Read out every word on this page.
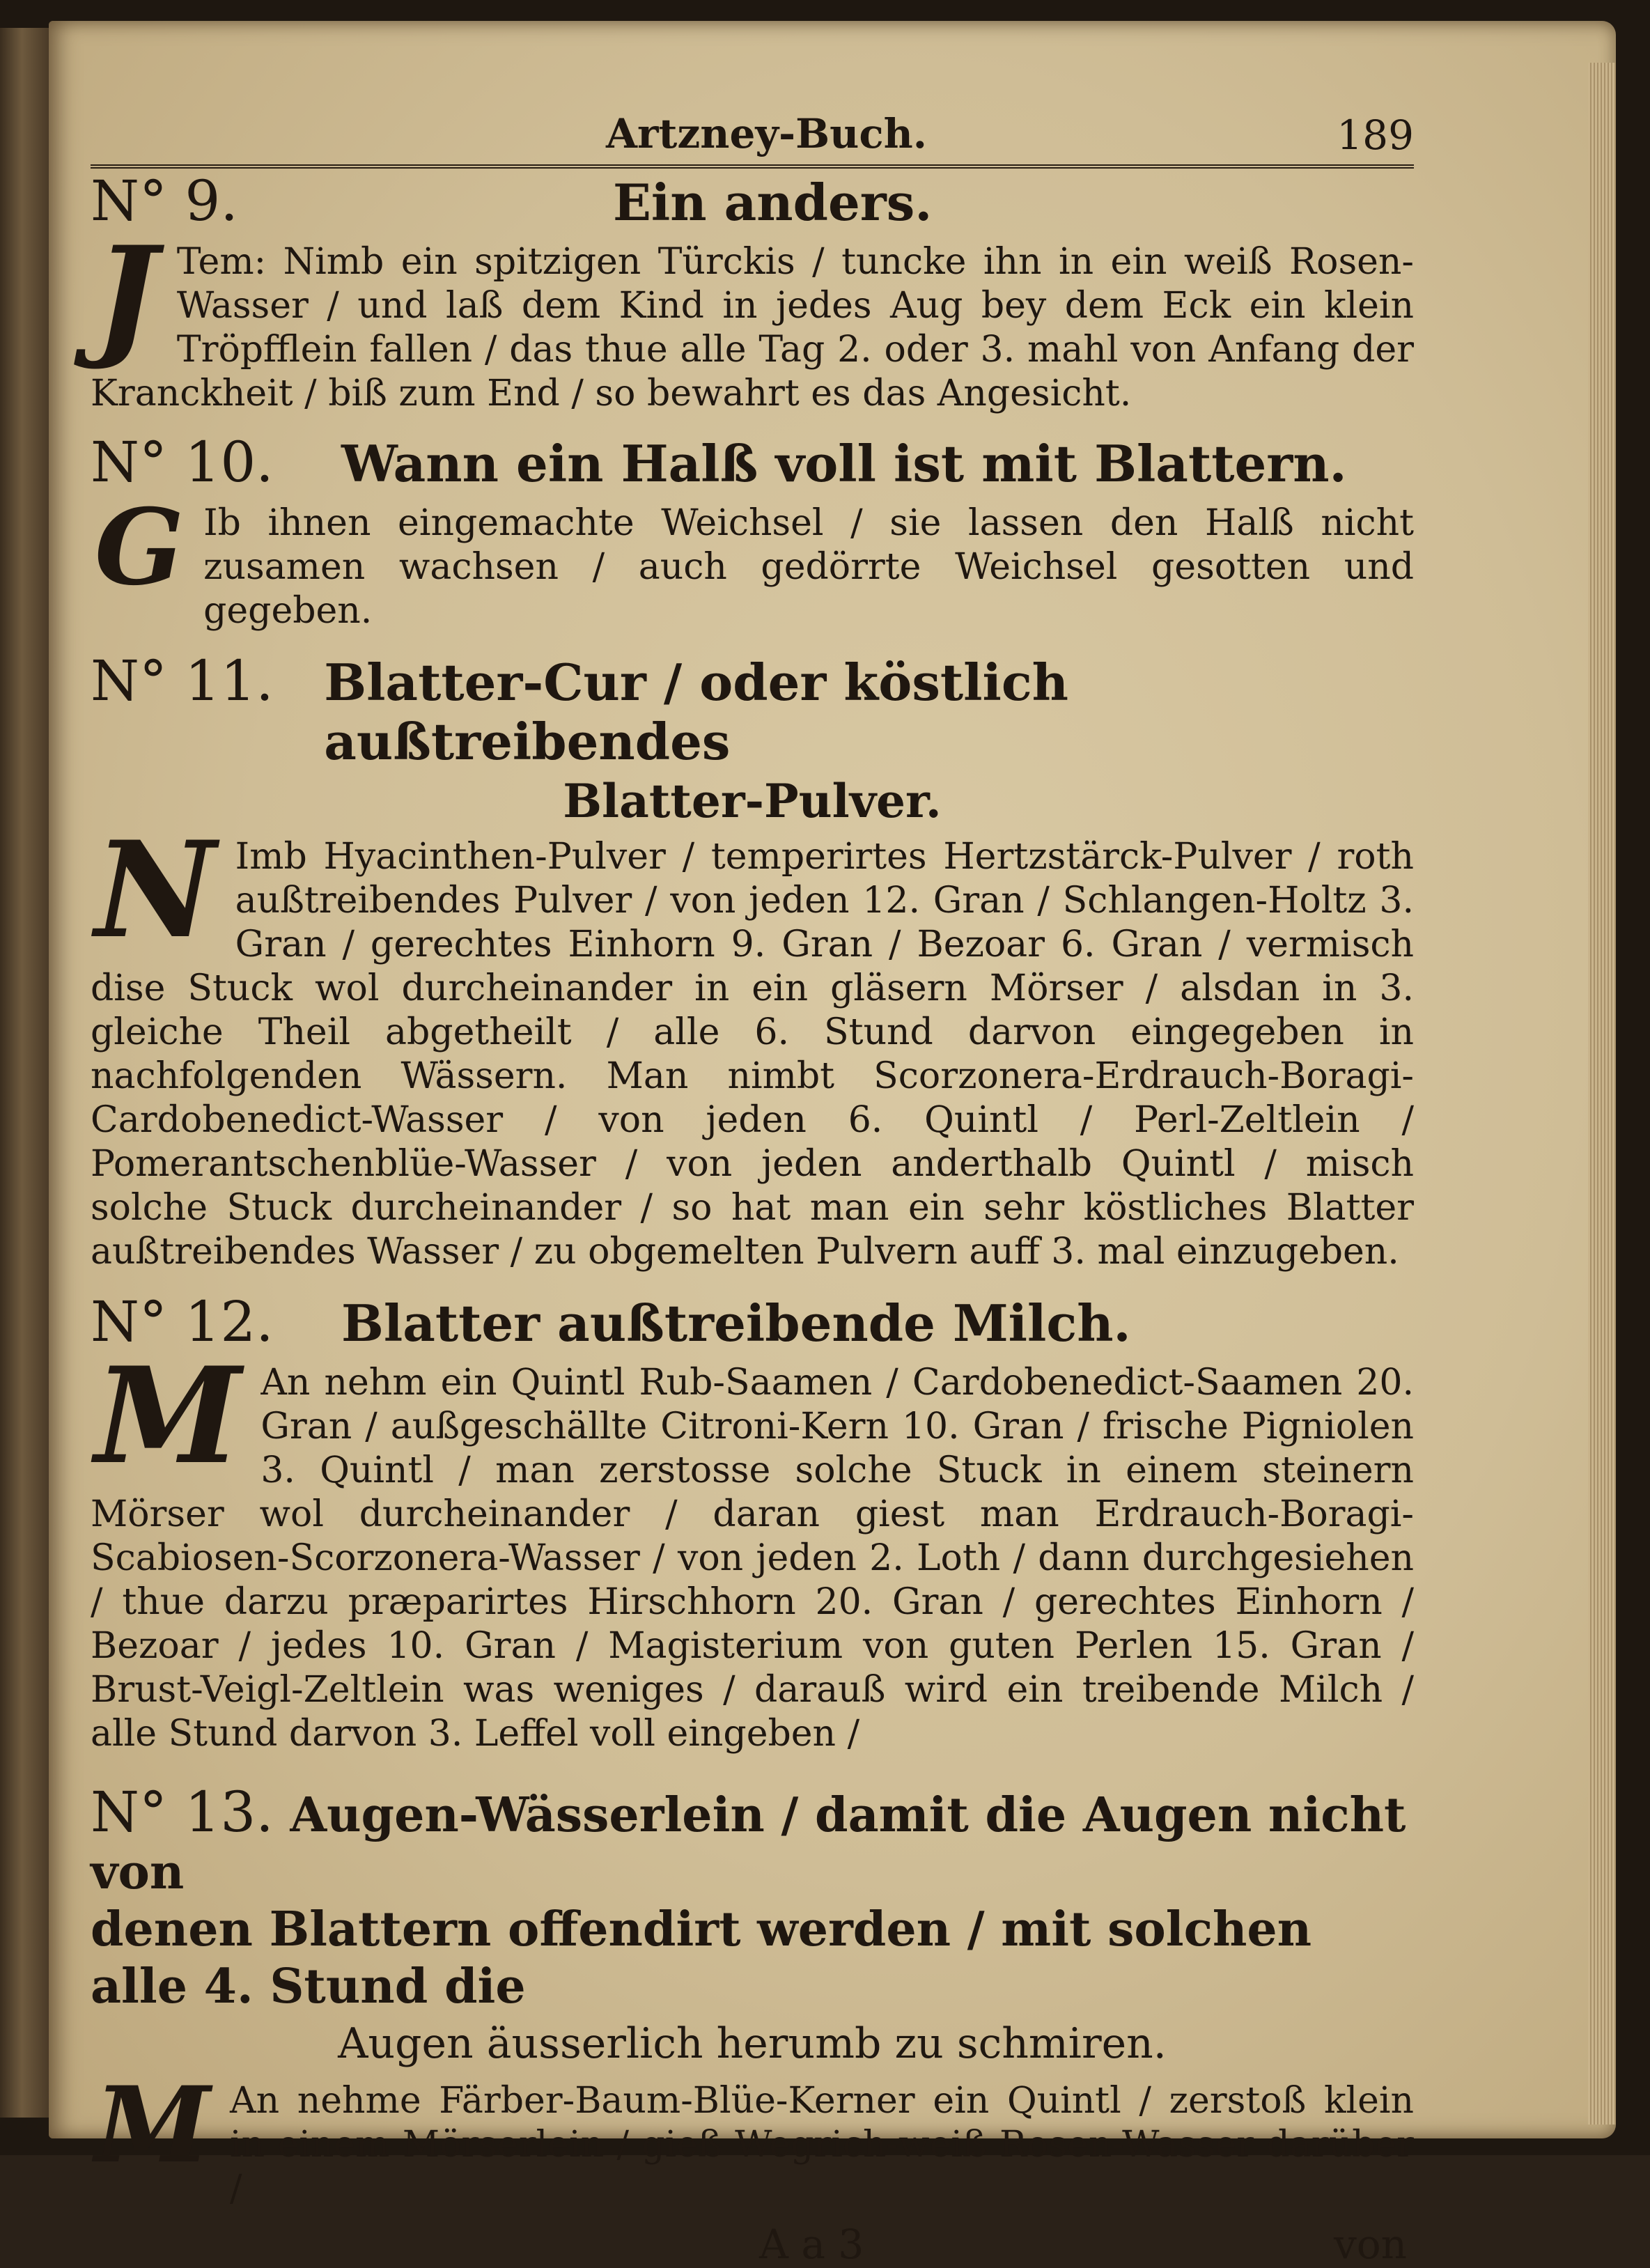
Artzney-Buch.	189
N° 9.	Ein anders.
J Tem: Nimb ein spitzigen Türckis / tuncke ihn in ein weiß Rosen-Wasser / und laß dem Kind in jedes Aug bey dem Eck ein klein Tröpfflein fallen / das thue alle Tag 2. oder 3. mahl von Anfang der Kranckheit / biß zum End / so bewahrt es das Angesicht.
N° 10.	Wann ein Halß voll ist mit Blattern.
G Ib ihnen eingemachte Weichsel / sie lassen den Halß nicht zusamen wachsen / auch gedörrte Weichsel gesotten und gegeben.
N° 11.	Blatter-Cur / oder köstlich außtreibendes
Blatter-Pulver.
N Imb Hyacinthen-Pulver / temperirtes Hertzstärck-Pulver / roth außtreibendes Pulver / von jeden 12. Gran / Schlangen-Holtz 3. Gran / gerechtes Einhorn 9. Gran / Bezoar 6. Gran / vermisch dise Stuck wol durcheinander in ein gläsern Mörser / alsdan in 3. gleiche Theil abgetheilt / alle 6. Stund darvon eingegeben in nachfolgenden Wässern. Man nimbt Scorzonera-Erdrauch-Boragi-Cardobenedict-Wasser / von jeden 6. Quintl / Perl-Zeltlein / Pomerantschenblüe-Wasser / von jeden anderthalb Quintl / misch solche Stuck durcheinander / so hat man ein sehr köstliches Blatter außtreibendes Wasser / zu obgemelten Pulvern auff 3. mal einzugeben.
N° 12.	Blatter außtreibende Milch.
M An nehm ein Quintl Rub-Saamen / Cardobenedict-Saamen 20. Gran / außgeschällte Citroni-Kern 10. Gran / frische Pigniolen 3. Quintl / man zerstosse solche Stuck in einem steinern Mörser wol durcheinander / daran giest man Erdrauch-Boragi-Scabiosen-Scorzonera-Wasser / von jeden 2. Loth / dann durchgesiehen / thue darzu præparirtes Hirschhorn 20. Gran / gerechtes Einhorn / Bezoar / jedes 10. Gran / Magisterium von guten Perlen 15. Gran / Brust-Veigl-Zeltlein was weniges / darauß wird ein treibende Milch / alle Stund darvon 3. Leffel voll eingeben /
N° 13. Augen-Wässerlein / damit die Augen nicht von
denen Blattern offendirt werden / mit solchen alle 4. Stund die
Augen äusserlich herumb zu schmiren.
M An nehme Färber-Baum-Blüe-Kerner ein Quintl / zerstoß klein in einem Mörserlein / gieß Wegrich-weiß Rosen-Wasser darüber /
A a 3	von
